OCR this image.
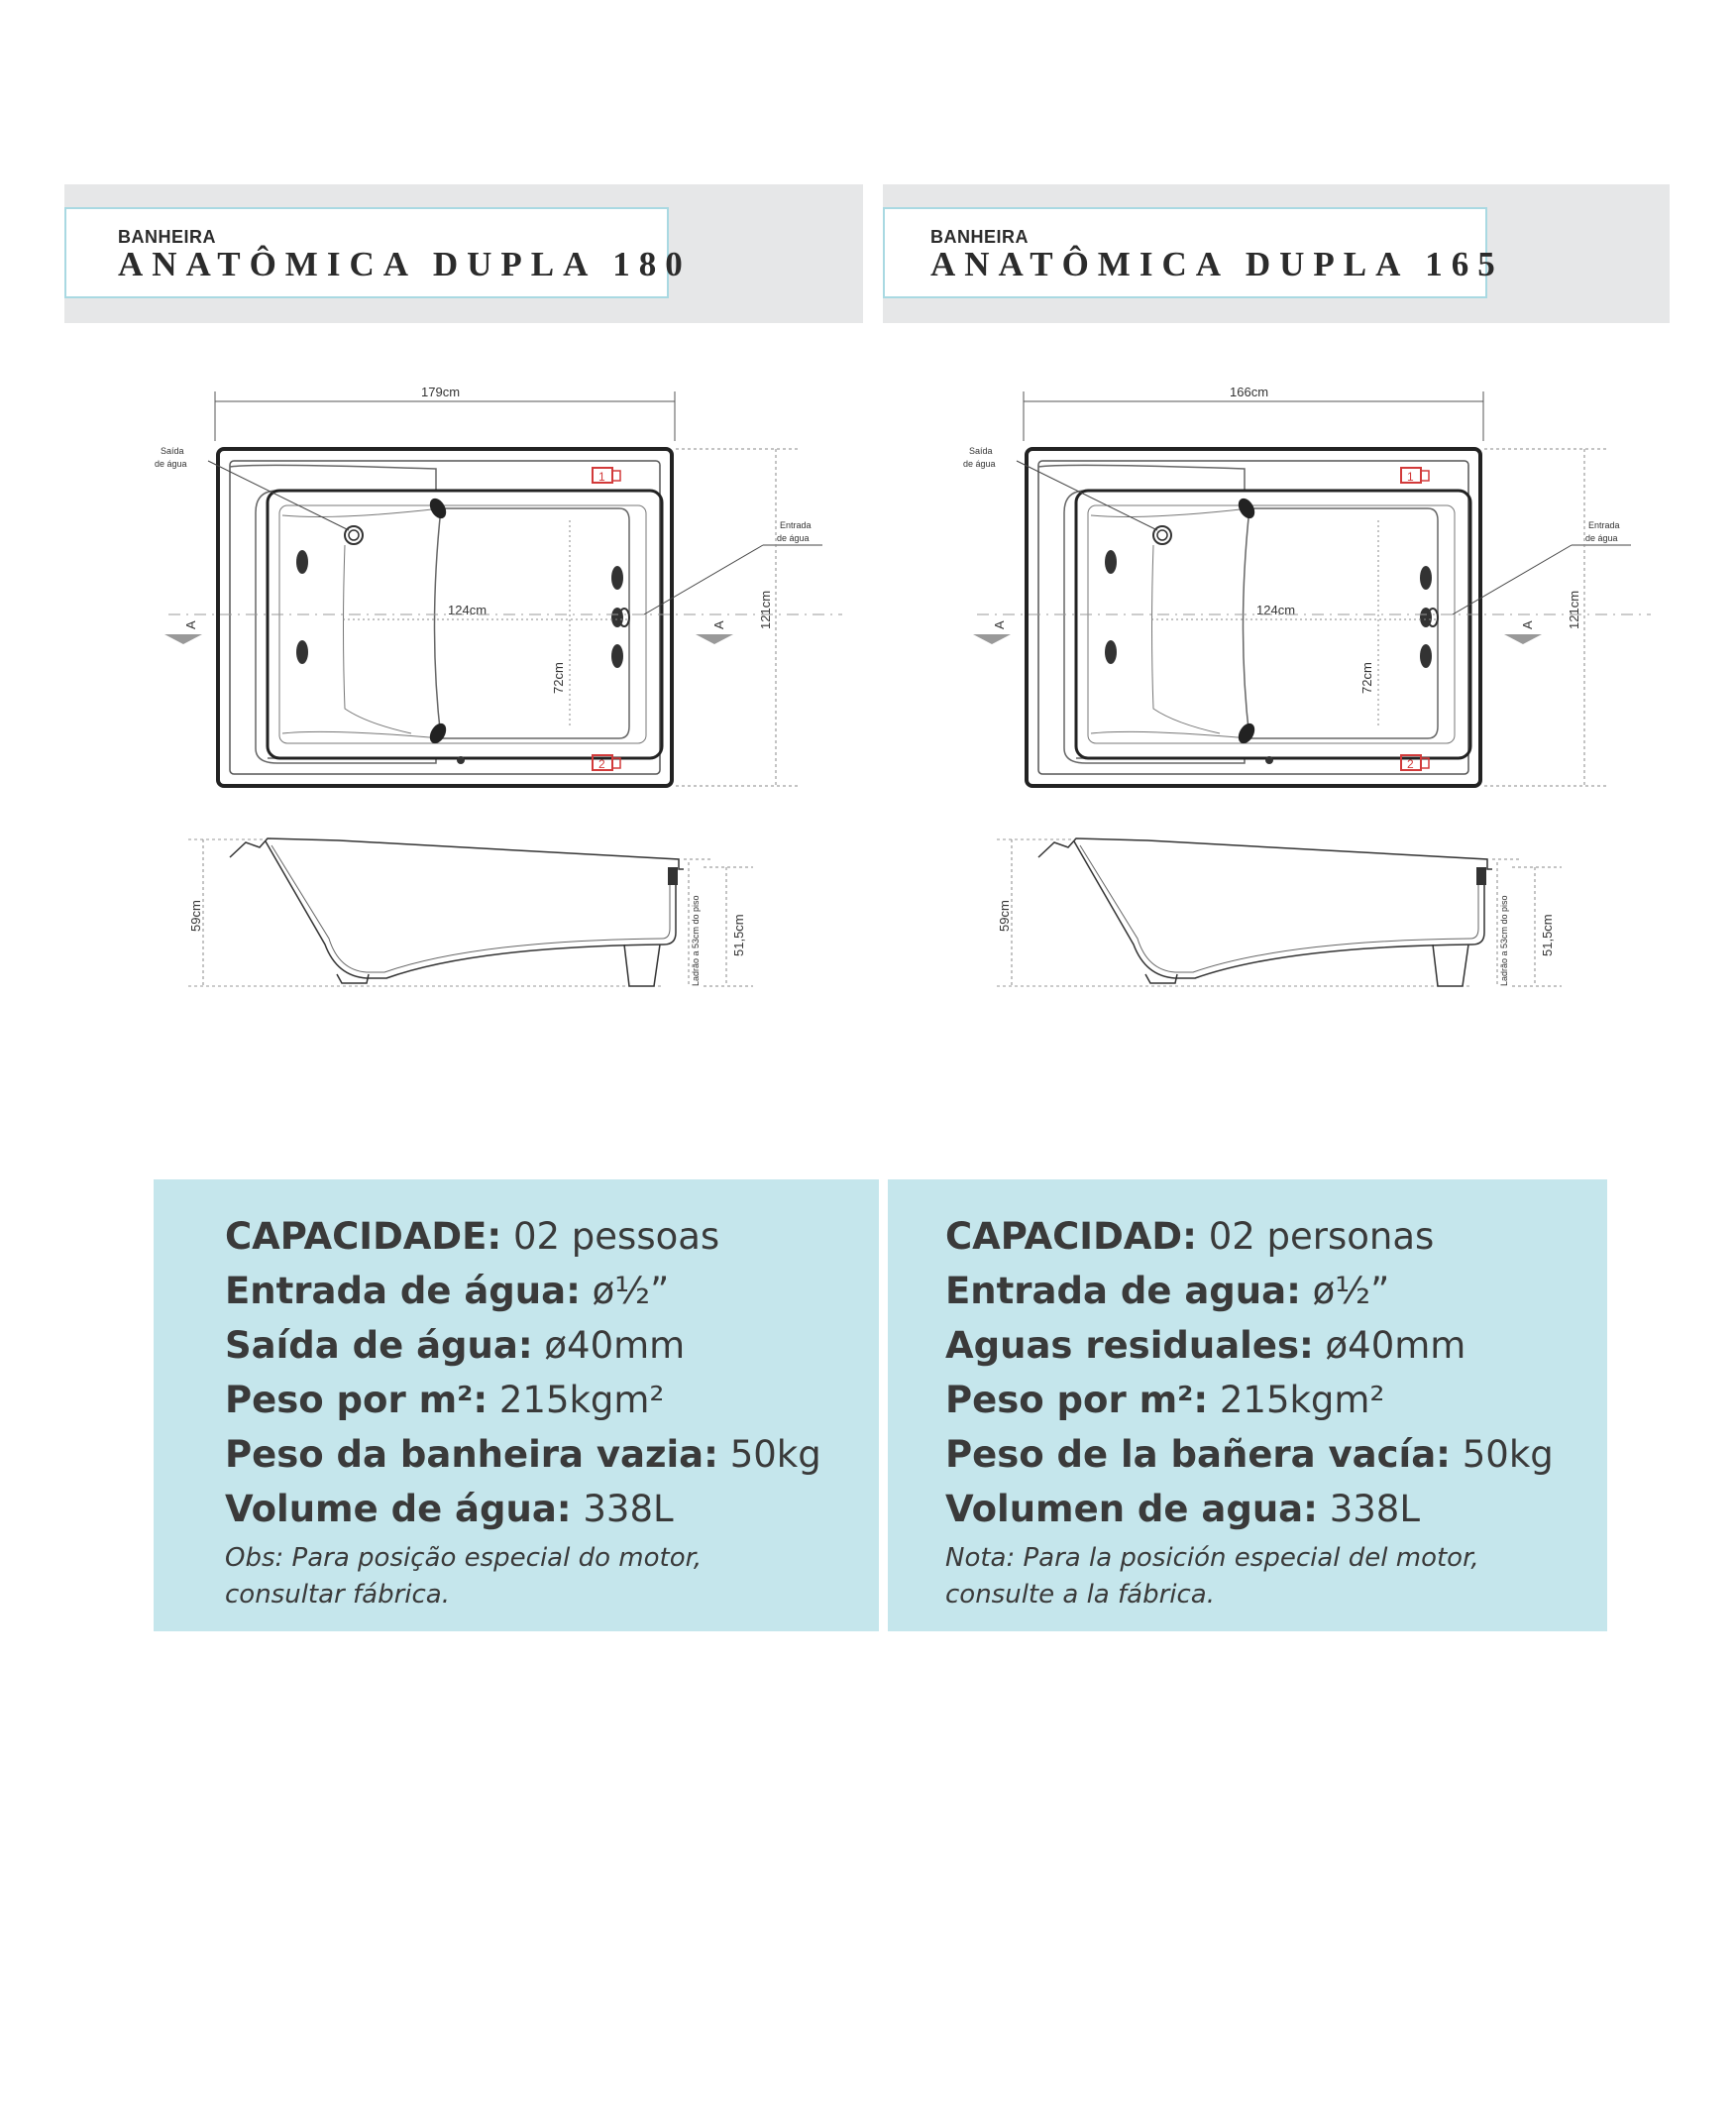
BANHEIRA
ANATÔMICA DUPLA 180
BANHEIRA
ANATÔMICA DUPLA 165
179cm
124cm
72cm
1
2
Saída
de água
Entrada
de água
121cm
A	A
59cm	Ladrão a 53cm do piso 51,5cm
166cm
124cm
72cm
1
2
Saída
de água
Entrada
de água
121cm
A	A
59cm	Ladrão a 53cm do piso 51,5cm
CAPACIDADE: 02 pessoas
Entrada de água: ø½”
Saída de água: ø40mm
Peso por m²: 215kgm²
Peso da banheira vazia: 50kg
Volume de água: 338L
Obs: Para posição especial do motor,
consultar fábrica.
CAPACIDAD: 02 personas
Entrada de agua: ø½”
Aguas residuales: ø40mm
Peso por m²: 215kgm²
Peso de la bañera vacía: 50kg
Volumen de agua: 338L
Nota: Para la posición especial del motor,
consulte a la fábrica.
